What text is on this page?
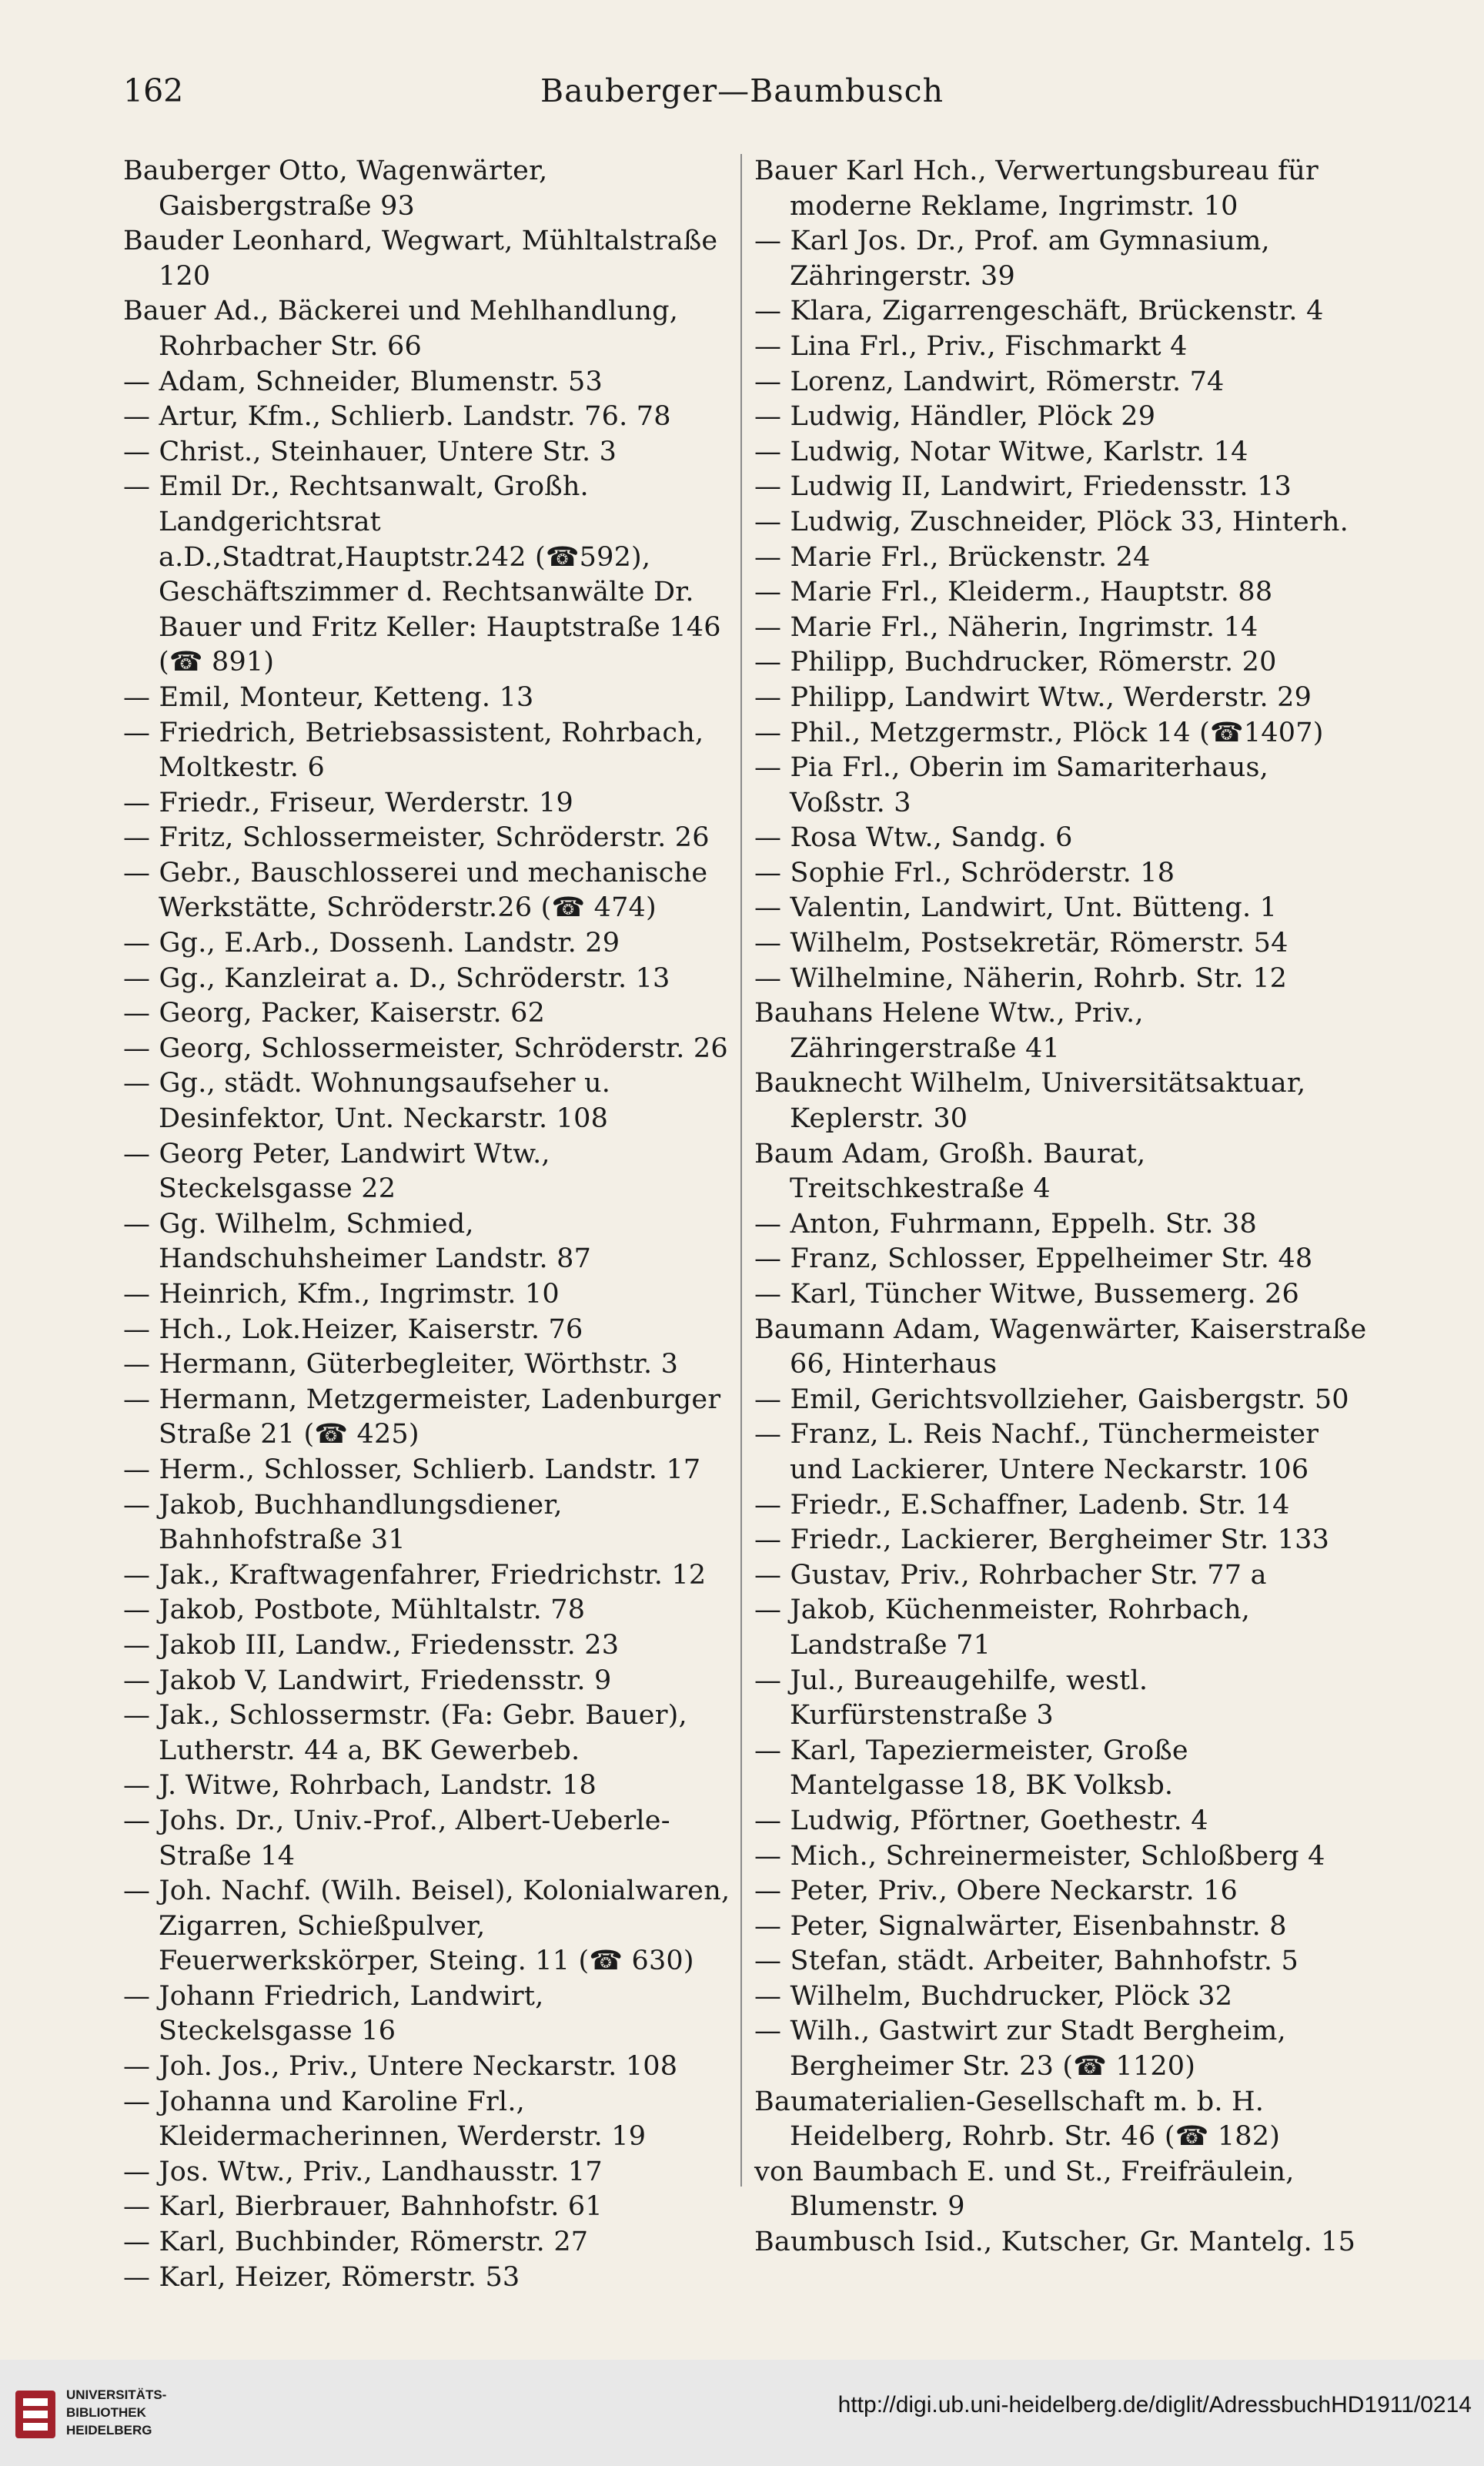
Bauberger—Baumbusch
162

Bauberger Otto, Wagenwärter, Gaisbergstraße 93

Bauder Leonhard, Wegwart, Mühltalstraße 120

Bauer Ad., Bäckerei und Mehlhandlung, Rohrbacher Str. 66

— Adam, Schneider, Blumenstr. 53

— Artur, Kfm., Schlierb. Landstr. 76. 78

— Christ., Steinhauer, Untere Str. 3

— Emil Dr., Rechtsanwalt, Großh. Landgerichtsrat a.D.,Stadtrat,Hauptstr.242 (☎592), Geschäftszimmer d. Rechtsanwälte Dr. Bauer und Fritz Keller: Hauptstraße 146 (☎ 891)

— Emil, Monteur, Ketteng. 13

— Friedrich, Betriebsassistent, Rohrbach, Moltkestr. 6

— Friedr., Friseur, Werderstr. 19

— Fritz, Schlossermeister, Schröderstr. 26

— Gebr., Bauschlosserei und mechanische Werkstätte, Schröderstr.26 (☎ 474)

— Gg., E.Arb., Dossenh. Landstr. 29

— Gg., Kanzleirat a. D., Schröderstr. 13

— Georg, Packer, Kaiserstr. 62

— Georg, Schlossermeister, Schröderstr. 26

— Gg., städt. Wohnungsaufseher u. Desinfektor, Unt. Neckarstr. 108

— Georg Peter, Landwirt Wtw., Steckelsgasse 22

— Gg. Wilhelm, Schmied, Handschuhsheimer Landstr. 87

— Heinrich, Kfm., Ingrimstr. 10

— Hch., Lok.Heizer, Kaiserstr. 76

— Hermann, Güterbegleiter, Wörthstr. 3

— Hermann, Metzgermeister, Ladenburger Straße 21 (☎ 425)

— Herm., Schlosser, Schlierb. Landstr. 17

— Jakob, Buchhandlungsdiener, Bahnhofstraße 31

— Jak., Kraftwagenfahrer, Friedrichstr. 12

— Jakob, Postbote, Mühltalstr. 78

— Jakob III, Landw., Friedensstr. 23

— Jakob V, Landwirt, Friedensstr. 9

— Jak., Schlossermstr. (Fa: Gebr. Bauer), Lutherstr. 44 a, BK Gewerbeb.

— J. Witwe, Rohrbach, Landstr. 18

— Johs. Dr., Univ.-Prof., Albert-Ueberle-Straße 14

— Joh. Nachf. (Wilh. Beisel), Kolonialwaren, Zigarren, Schießpulver, Feuerwerkskörper, Steing. 11 (☎ 630)

— Johann Friedrich, Landwirt, Steckelsgasse 16

— Joh. Jos., Priv., Untere Neckarstr. 108

— Johanna und Karoline Frl., Kleidermacherinnen, Werderstr. 19

— Jos. Wtw., Priv., Landhausstr. 17

— Karl, Bierbrauer, Bahnhofstr. 61

— Karl, Buchbinder, Römerstr. 27

— Karl, Heizer, Römerstr. 53

Bauer Karl Hch., Verwertungsbureau für moderne Reklame, Ingrimstr. 10

— Karl Jos. Dr., Prof. am Gymnasium, Zähringerstr. 39

— Klara, Zigarrengeschäft, Brückenstr. 4

— Lina Frl., Priv., Fischmarkt 4

— Lorenz, Landwirt, Römerstr. 74

— Ludwig, Händler, Plöck 29

— Ludwig, Notar Witwe, Karlstr. 14

— Ludwig II, Landwirt, Friedensstr. 13

— Ludwig, Zuschneider, Plöck 33, Hinterh.

— Marie Frl., Brückenstr. 24

— Marie Frl., Kleiderm., Hauptstr. 88

— Marie Frl., Näherin, Ingrimstr. 14

— Philipp, Buchdrucker, Römerstr. 20

— Philipp, Landwirt Wtw., Werderstr. 29

— Phil., Metzgermstr., Plöck 14 (☎1407)

— Pia Frl., Oberin im Samariterhaus, Voßstr. 3

— Rosa Wtw., Sandg. 6

— Sophie Frl., Schröderstr. 18

— Valentin, Landwirt, Unt. Bütteng. 1

— Wilhelm, Postsekretär, Römerstr. 54

— Wilhelmine, Näherin, Rohrb. Str. 12

Bauhans Helene Wtw., Priv., Zähringerstraße 41

Bauknecht Wilhelm, Universitätsaktuar, Keplerstr. 30

Baum Adam, Großh. Baurat, Treitschkestraße 4

— Anton, Fuhrmann, Eppelh. Str. 38

— Franz, Schlosser, Eppelheimer Str. 48

— Karl, Tüncher Witwe, Bussemerg. 26

Baumann Adam, Wagenwärter, Kaiserstraße 66, Hinterhaus

— Emil, Gerichtsvollzieher, Gaisbergstr. 50

— Franz, L. Reis Nachf., Tünchermeister und Lackierer, Untere Neckarstr. 106

— Friedr., E.Schaffner, Ladenb. Str. 14

— Friedr., Lackierer, Bergheimer Str. 133

— Gustav, Priv., Rohrbacher Str. 77 a

— Jakob, Küchenmeister, Rohrbach, Landstraße 71

— Jul., Bureaugehilfe, westl. Kurfürstenstraße 3

— Karl, Tapeziermeister, Große Mantelgasse 18, BK Volksb.

— Ludwig, Pförtner, Goethestr. 4

— Mich., Schreinermeister, Schloßberg 4

— Peter, Priv., Obere Neckarstr. 16

— Peter, Signalwärter, Eisenbahnstr. 8

— Stefan, städt. Arbeiter, Bahnhofstr. 5

— Wilhelm, Buchdrucker, Plöck 32

— Wilh., Gastwirt zur Stadt Bergheim, Bergheimer Str. 23 (☎ 1120)

Baumaterialien-Gesellschaft m. b. H. Heidelberg, Rohrb. Str. 46 (☎ 182)

von Baumbach E. und St., Freifräulein, Blumenstr. 9

Baumbusch Isid., Kutscher, Gr. Mantelg. 15

UNIVERSITÄTS-
BIBLIOTHEK
HEIDELBERG
http://digi.ub.uni-heidelberg.de/diglit/AdressbuchHD1911/0214
